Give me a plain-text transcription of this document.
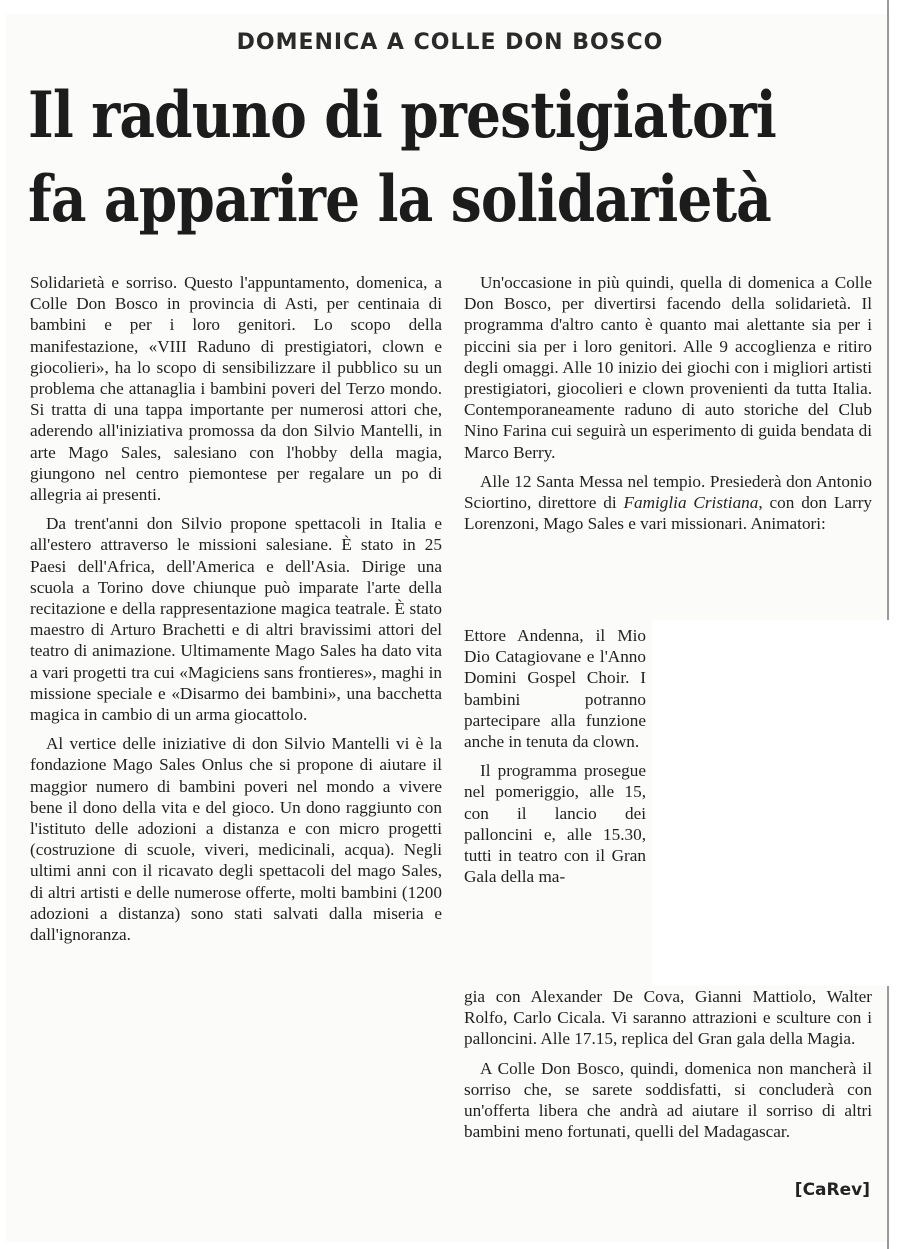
DOMENICA A COLLE DON BOSCO
Il raduno di prestigiatori
fa apparire la solidarietà

Solidarietà e sorriso. Questo l'appuntamento, domenica, a Colle Don Bosco in provincia di Asti, per centinaia di bambini e per i loro genitori. Lo scopo della manifestazione, «VIII Raduno di prestigiatori, clown e giocolieri», ha lo scopo di sensibilizzare il pubblico su un problema che attanaglia i bambini poveri del Terzo mondo. Si tratta di una tappa importante per numerosi attori che, aderendo all'iniziativa promossa da don Silvio Mantelli, in arte Mago Sales, salesiano con l'hobby della magia, giungono nel centro piemontese per regalare un po di allegria ai presenti.

Da trent'anni don Silvio propone spettacoli in Italia e all'estero attraverso le missioni salesiane. È stato in 25 Paesi dell'Africa, dell'America e dell'Asia. Dirige una scuola a Torino dove chiunque può imparate l'arte della recitazione e della rappresentazione magica teatrale. È stato maestro di Arturo Brachetti e di altri bravissimi attori del teatro di animazione. Ultimamente Mago Sales ha dato vita a vari progetti tra cui «Magiciens sans frontieres», maghi in missione speciale e «Disarmo dei bambini», una bacchetta magica in cambio di un arma giocattolo.

Al vertice delle iniziative di don Silvio Mantelli vi è la fondazione Mago Sales Onlus che si propone di aiutare il maggior numero di bambini poveri nel mondo a vivere bene il dono della vita e del gioco. Un dono raggiunto con l'istituto delle adozioni a distanza e con micro progetti (costruzione di scuole, viveri, medicinali, acqua). Negli ultimi anni con il ricavato degli spettacoli del mago Sales, di altri artisti e delle numerose offerte, molti bambini (1200 adozioni a distanza) sono stati salvati dalla miseria e dall'ignoranza.

Un'occasione in più quindi, quella di domenica a Colle Don Bosco, per divertirsi facendo della solidarietà. Il programma d'altro canto è quanto mai alettante sia per i piccini sia per i loro genitori. Alle 9 accoglienza e ritiro degli omaggi. Alle 10 inizio dei giochi con i migliori artisti prestigiatori, giocolieri e clown provenienti da tutta Italia. Contemporaneamente raduno di auto storiche del Club Nino Farina cui seguirà un esperimento di guida bendata di Marco Berry.

Alle 12 Santa Messa nel tempio. Presiederà don Antonio Sciortino, direttore di Famiglia Cristiana, con don Larry Lorenzoni, Mago Sales e vari missionari. Animatori:

Ettore Andenna, il Mio Dio Catagiovane e l'Anno Domini Gospel Choir. I bambini potranno partecipare alla funzione anche in tenuta da clown.

Il programma prosegue nel pomeriggio, alle 15, con il lancio dei palloncini e, alle 15.30, tutti in teatro con il Gran Gala della ma-

gia con Alexander De Cova, Gianni Mattiolo, Walter Rolfo, Carlo Cicala. Vi saranno attrazioni e sculture con i palloncini. Alle 17.15, replica del Gran gala della Magia.

A Colle Don Bosco, quindi, domenica non mancherà il sorriso che, se sarete soddisfatti, si concluderà con un'offerta libera che andrà ad aiutare il sorriso di altri bambini meno fortunati, quelli del Madagascar.

[CaRev]
